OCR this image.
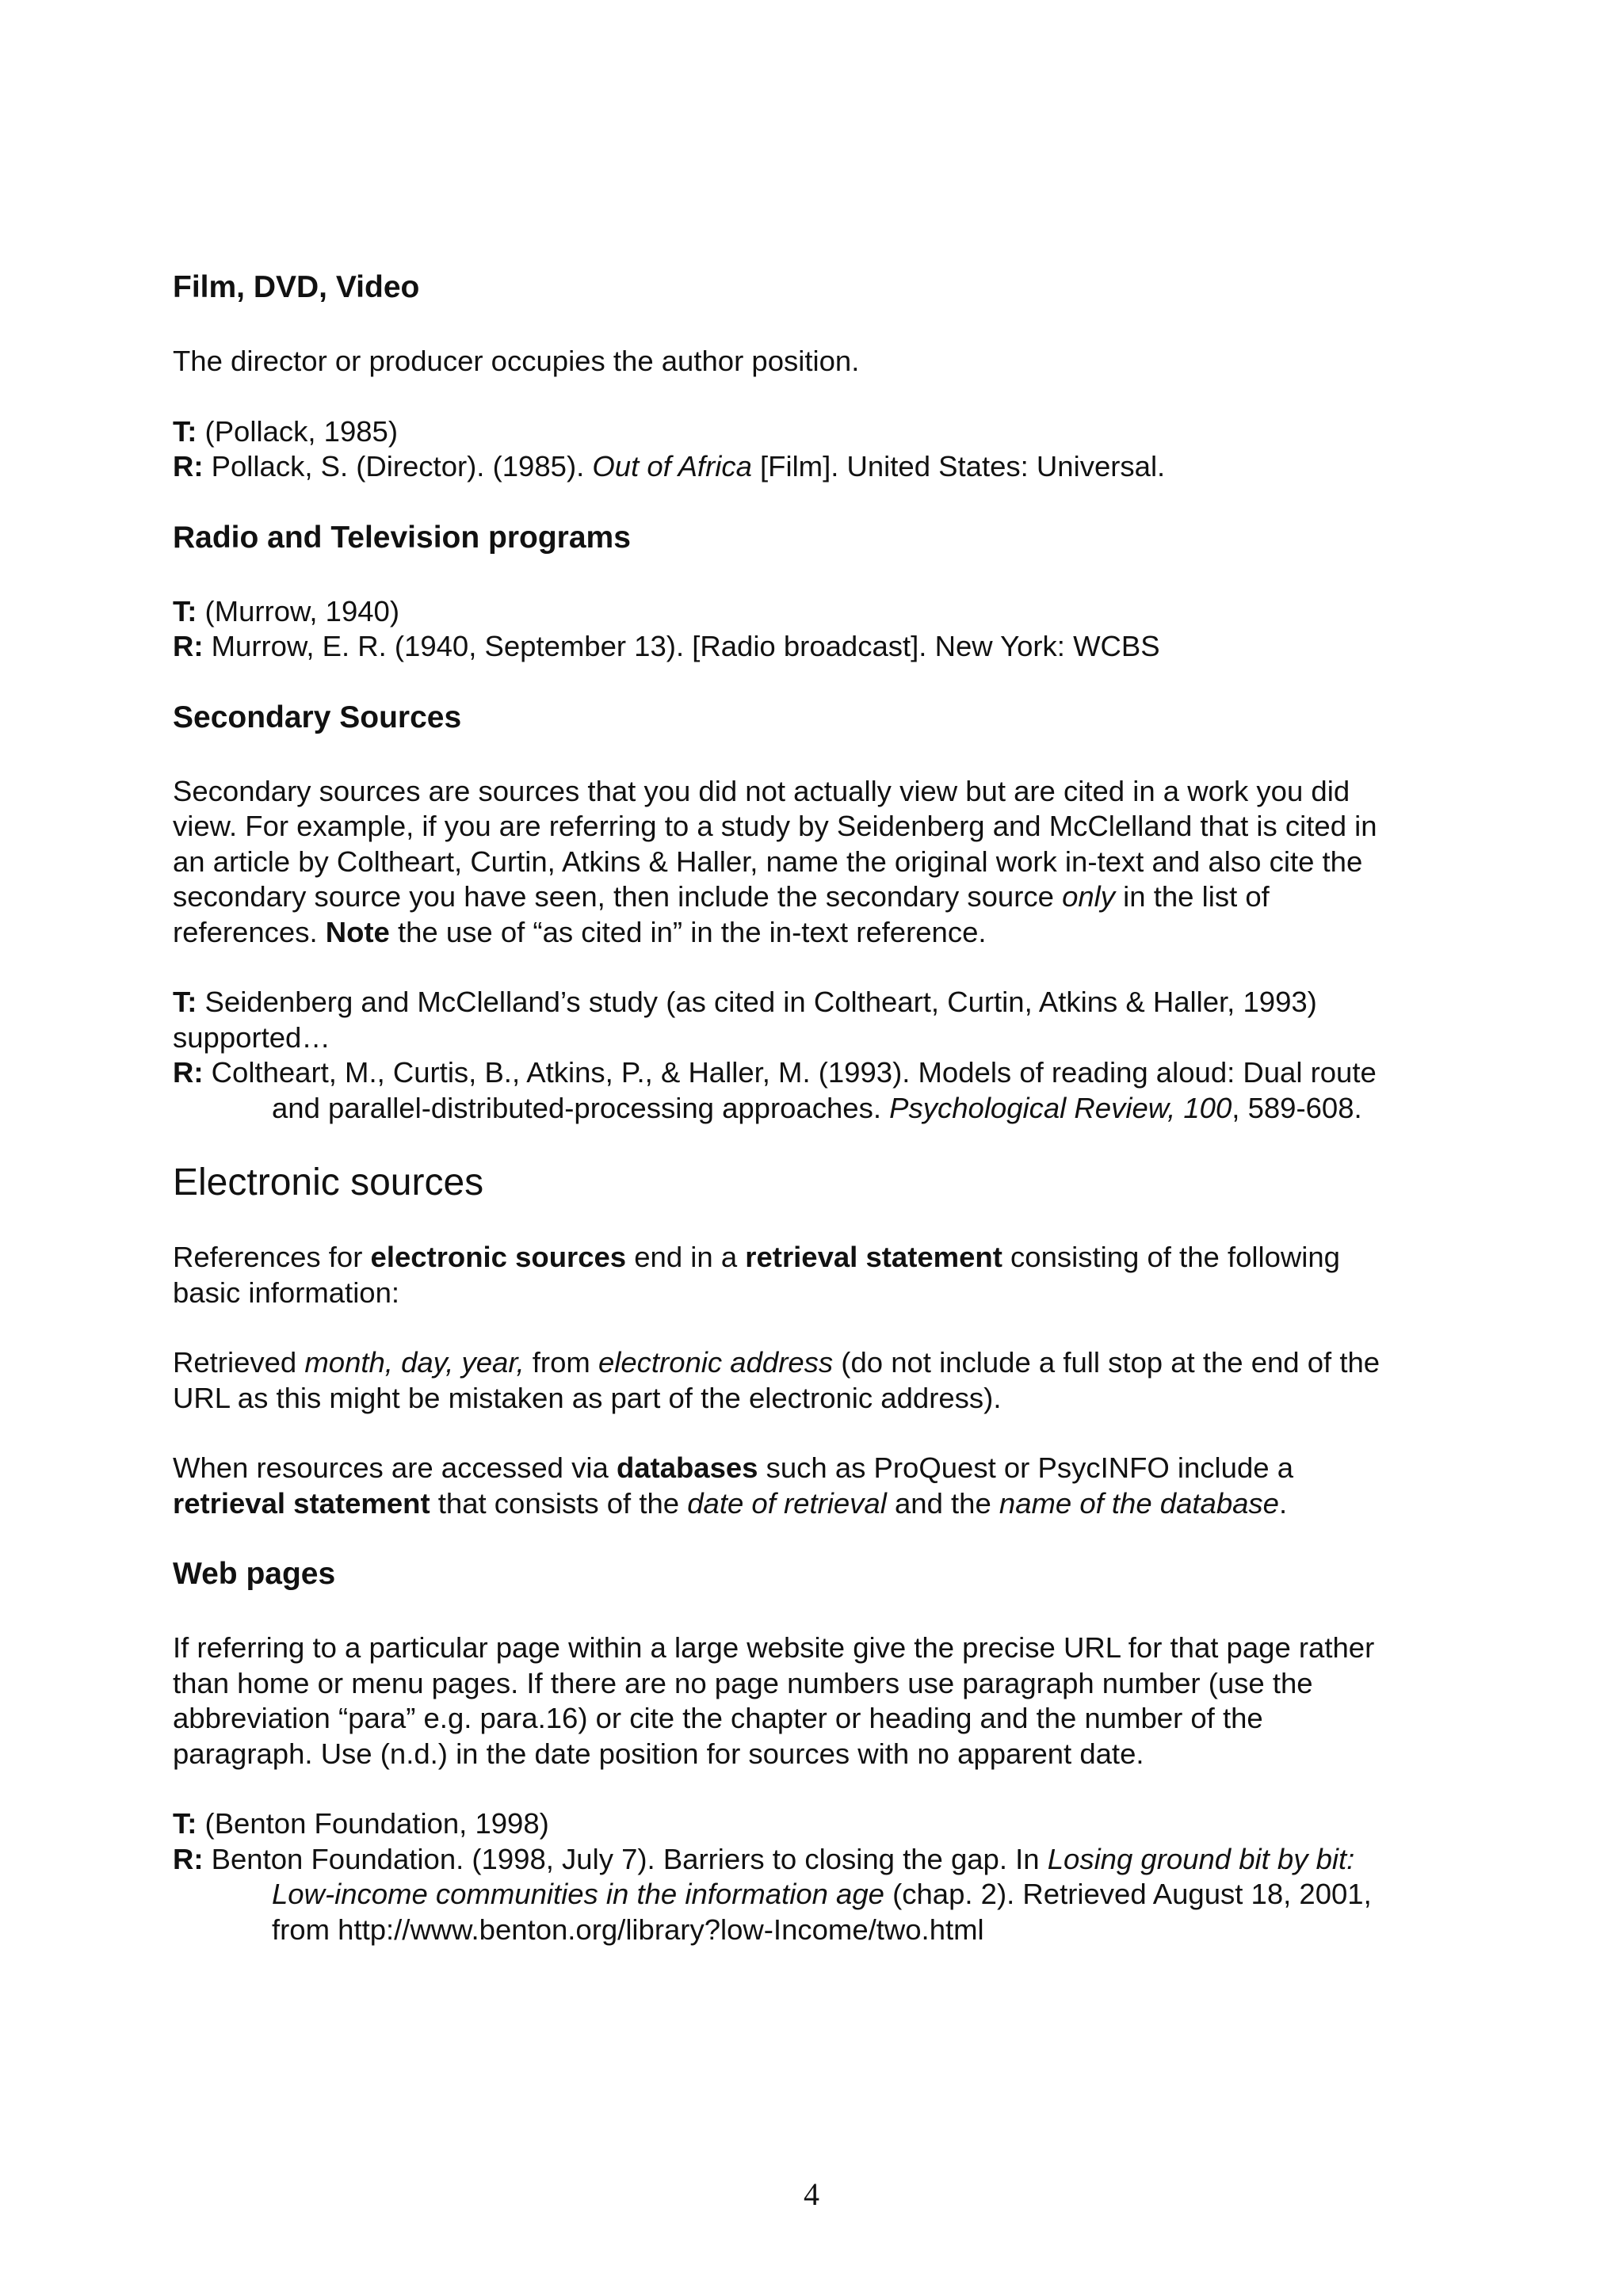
Film, DVD, Video
The director or producer occupies the author position.
T: (Pollack, 1985)
R: Pollack, S. (Director). (1985). Out of Africa [Film]. United States: Universal.
Radio and Television programs
T: (Murrow, 1940)
R: Murrow, E. R. (1940, September 13). [Radio broadcast]. New York: WCBS
Secondary Sources
Secondary sources are sources that you did not actually view but are cited in a work you did view. For example, if you are referring to a study by Seidenberg and McClelland that is cited in an article by Coltheart, Curtin, Atkins & Haller, name the original work in-text and also cite the secondary source you have seen, then include the secondary source only in the list of references. Note the use of “as cited in” in the in-text reference.
T: Seidenberg and McClelland’s study (as cited in Coltheart, Curtin, Atkins & Haller, 1993) supported…
R: Coltheart, M., Curtis, B., Atkins, P., & Haller, M. (1993). Models of reading aloud: Dual route and parallel-distributed-processing approaches. Psychological Review, 100, 589-608.
Electronic sources
References for electronic sources end in a retrieval statement consisting of the following basic information:
Retrieved month, day, year, from electronic address (do not include a full stop at the end of the URL as this might be mistaken as part of the electronic address).
When resources are accessed via databases such as ProQuest or PsycINFO include a retrieval statement that consists of the date of retrieval and the name of the database.
Web pages
If referring to a particular page within a large website give the precise URL for that page rather than home or menu pages. If there are no page numbers use paragraph number (use the abbreviation “para” e.g. para.16) or cite the chapter or heading and the number of the paragraph. Use (n.d.) in the date position for sources with no apparent date.
T: (Benton Foundation, 1998)
R: Benton Foundation. (1998, July 7). Barriers to closing the gap. In Losing ground bit by bit: Low-income communities in the information age (chap. 2). Retrieved August 18, 2001, from http://www.benton.org/library?low-Income/two.html
4
